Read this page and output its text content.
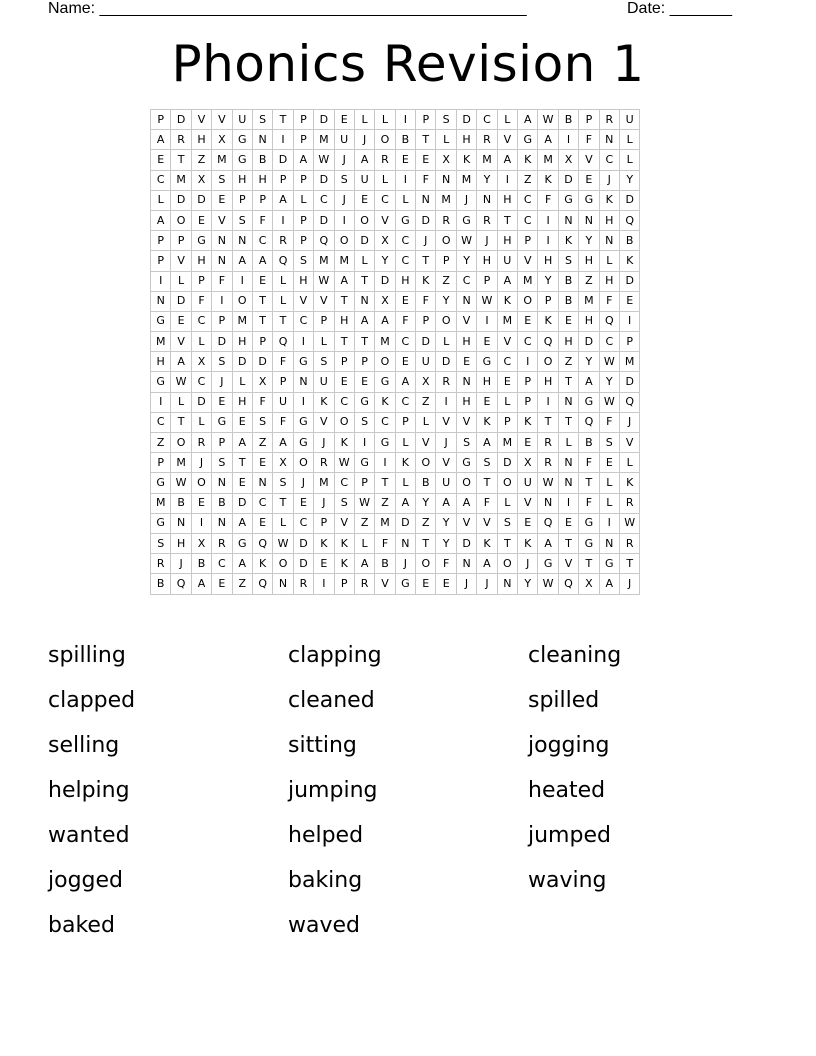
Name: ________________________________________________	Date: _______
Phonics Revision 1
P	D	V	V	U	S	T	P	D	E	L	L	I	P	S	D	C	L	A	W	B	P	R	U
A	R	H	X	G	N	I	P	M	U	J	O	B	T	L	H	R	V	G	A	I	F	N	L
E	T	Z	M	G	B	D	A	W	J	A	R	E	E	X	K	M	A	K	M	X	V	C	L
C	M	X	S	H	H	P	P	D	S	U	L	I	F	N	M	Y	I	Z	K	D	E	J	Y
L	D	D	E	P	P	A	L	C	J	E	C	L	N	M	J	N	H	C	F	G	G	K	D
A	O	E	V	S	F	I	P	D	I	O	V	G	D	R	G	R	T	C	I	N	N	H	Q
P	P	G	N	N	C	R	P	Q	O	D	X	C	J	O	W	J	H	P	I	K	Y	N	B
P	V	H	N	A	A	Q	S	M	M	L	Y	C	T	P	Y	H	U	V	H	S	H	L	K
I	L	P	F	I	E	L	H	W	A	T	D	H	K	Z	C	P	A	M	Y	B	Z	H	D
N	D	F	I	O	T	L	V	V	T	N	X	E	F	Y	N	W	K	O	P	B	M	F	E
G	E	C	P	M	T	T	C	P	H	A	A	F	P	O	V	I	M	E	K	E	H	Q	I
M	V	L	D	H	P	Q	I	L	T	T	M	C	D	L	H	E	V	C	Q	H	D	C	P
H	A	X	S	D	D	F	G	S	P	P	O	E	U	D	E	G	C	I	O	Z	Y	W	M
G	W	C	J	L	X	P	N	U	E	E	G	A	X	R	N	H	E	P	H	T	A	Y	D
I	L	D	E	H	F	U	I	K	C	G	K	C	Z	I	H	E	L	P	I	N	G	W	Q
C	T	L	G	E	S	F	G	V	O	S	C	P	L	V	V	K	P	K	T	T	Q	F	J
Z	O	R	P	A	Z	A	G	J	K	I	G	L	V	J	S	A	M	E	R	L	B	S	V
P	M	J	S	T	E	X	O	R	W	G	I	K	O	V	G	S	D	X	R	N	F	E	L
G	W	O	N	E	N	S	J	M	C	P	T	L	B	U	O	T	O	U	W	N	T	L	K
M	B	E	B	D	C	T	E	J	S	W	Z	A	Y	A	A	F	L	V	N	I	F	L	R
G	N	I	N	A	E	L	C	P	V	Z	M	D	Z	Y	V	V	S	E	Q	E	G	I	W
S	H	X	R	G	Q	W	D	K	K	L	F	N	T	Y	D	K	T	K	A	T	G	N	R
R	J	B	C	A	K	O	D	E	K	A	B	J	O	F	N	A	O	J	G	V	T	G	T
B	Q	A	E	Z	Q	N	R	I	P	R	V	G	E	E	J	J	N	Y	W	Q	X	A	J
spilling	clapping	cleaning
clapped	cleaned	spilled
selling	sitting	jogging
helping	jumping	heated
wanted	helped	jumped
jogged	baking	waving
baked	waved
